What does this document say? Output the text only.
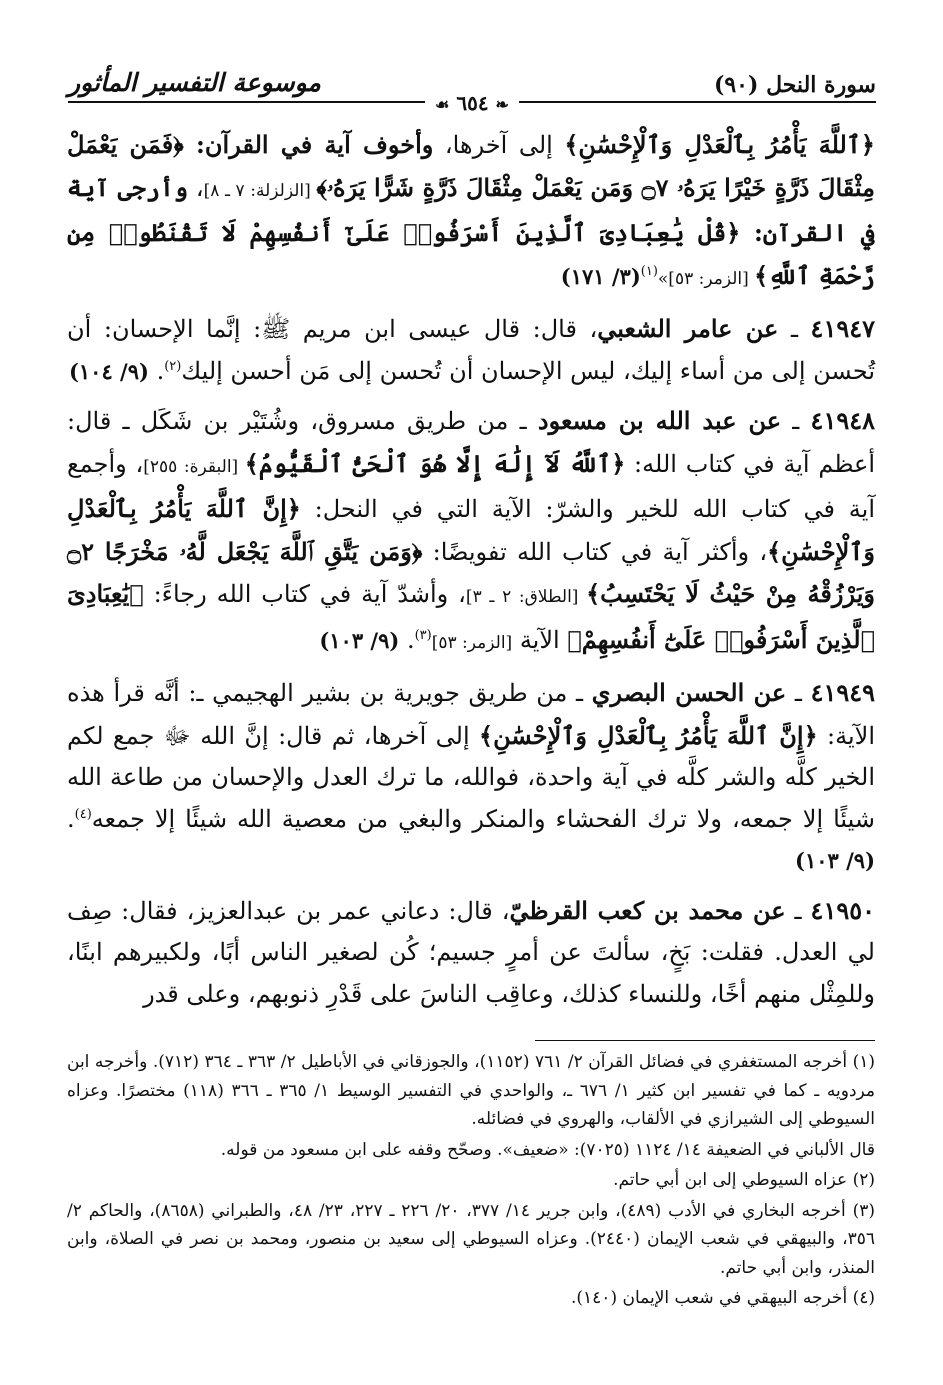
سورة النحل (٩٠)
موسوعة التفسير المأثور
❧ ٦٥٤ ☙

﴿ٱللَّهَ يَأْمُرُ بِٱلْعَدْلِ وَٱلْإِحْسَٰنِ﴾ إلى آخرها، وأخوف آية في القرآن: ﴿فَمَن يَعْمَلْ مِثْقَالَ ذَرَّةٍ خَيْرًا يَرَهُۥ ۝٧ وَمَن يَعْمَلْ مِثْقَالَ ذَرَّةٍ شَرًّا يَرَهُۥ﴾ [الزلزلة: ٧ ـ ٨]، وأرجى آية في القرآن: ﴿قُلْ يَٰعِبَادِىَ ٱلَّذِينَ أَسْرَفُوا۟ عَلَىٰٓ أَنفُسِهِمْ لَا تَقْنَطُوا۟ مِن رَّحْمَةِ ٱللَّهِ﴾ [الزمر: ٥٣]»$^{(١)}$(٣/ ١٧١)

٤١٩٤٧ ـ عن عامر الشعبي، قال: قال عيسى ابن مريم ﷺ: إنَّما الإحسان: أن تُحسن إلى من أساء إليك، ليس الإحسان أن تُحسن إلى مَن أحسن إليك$^{(٢)}$. (٩/ ١٠٤)

٤١٩٤٨ ـ عن عبد الله بن مسعود ـ من طريق مسروق، وشُتَيْر بن شَكَل ـ قال: أعظم آية في كتاب الله: ﴿ٱللَّهُ لَآ إِلَٰهَ إِلَّا هُوَ ٱلْحَىُّ ٱلْقَيُّومُ﴾ [البقرة: ٢٥٥]، وأجمع آية في كتاب الله للخير والشرّ: الآية التي في النحل: ﴿إِنَّ ٱللَّهَ يَأْمُرُ بِٱلْعَدْلِ وَٱلْإِحْسَٰنِ﴾، وأكثر آية في كتاب الله تفويضًا: ﴿وَمَن يَتَّقِ ٱللَّهَ يَجْعَل لَّهُۥ مَخْرَجًا ۝٢ وَيَرْزُقْهُ مِنْ حَيْثُ لَا يَحْتَسِبُ﴾ [الطلاق: ٢ ـ ٣]، وأشدّ آية في كتاب الله رجاءً: ﴿يَٰعِبَادِىَ ٱلَّذِينَ أَسْرَفُوا۟ عَلَىٰٓ أَنفُسِهِمْ﴾ الآية [الزمر: ٥٣]$^{(٣)}$. (٩/ ١٠٣)

٤١٩٤٩ ـ عن الحسن البصري ـ من طريق جويرية بن بشير الهجيمي ـ: أنَّه قرأ هذه الآية: ﴿إِنَّ ٱللَّهَ يَأْمُرُ بِٱلْعَدْلِ وَٱلْإِحْسَٰنِ﴾ إلى آخرها، ثم قال: إنَّ الله ﷻ جمع لكم الخير كلَّه والشر كلَّه في آية واحدة، فوالله، ما ترك العدل والإحسان من طاعة الله شيئًا إلا جمعه، ولا ترك الفحشاء والمنكر والبغي من معصية الله شيئًا إلا جمعه$^{(٤)}$. (٩/ ١٠٣)

٤١٩٥٠ ـ عن محمد بن كعب القرظيّ، قال: دعاني عمر بن عبدالعزيز، فقال: صِف لي العدل. فقلت: بَخٍ، سألتَ عن أمرٍ جسيم؛ كُن لصغير الناس أبًا، ولكبيرهم ابنًا، وللمِثْل منهم أخًا، وللنساء كذلك، وعاقِب الناسَ على قَدْرِ ذنوبهم، وعلى قدر

(١) أخرجه المستغفري في فضائل القرآن ٢/ ٧٦١ (١١٥٢)، والجوزقاني في الأباطيل ٢/ ٣٦٣ ـ ٣٦٤ (٧١٢). وأخرجه ابن مردويه ـ كما في تفسير ابن كثير ١/ ٦٧٦ ـ، والواحدي في التفسير الوسيط ١/ ٣٦٥ ـ ٣٦٦ (١١٨) مختصرًا. وعزاه السيوطي إلى الشيرازي في الألقاب، والهروي في فضائله.

قال الألباني في الضعيفة ١٤/ ١١٢٤ (٧٠٢٥): «ضعيف». وصحّح وقفه على ابن مسعود من قوله.

(٢) عزاه السيوطي إلى ابن أبي حاتم.

(٣) أخرجه البخاري في الأدب (٤٨٩)، وابن جرير ١٤/ ٣٧٧، ٢٠/ ٢٢٦ ـ ٢٢٧، ٢٣/ ٤٨، والطبراني (٨٦٥٨)، والحاكم ٢/ ٣٥٦، والبيهقي في شعب الإيمان (٢٤٤٠). وعزاه السيوطي إلى سعيد بن منصور، ومحمد بن نصر في الصلاة، وابن المنذر، وابن أبي حاتم.

(٤) أخرجه البيهقي في شعب الإيمان (١٤٠).
